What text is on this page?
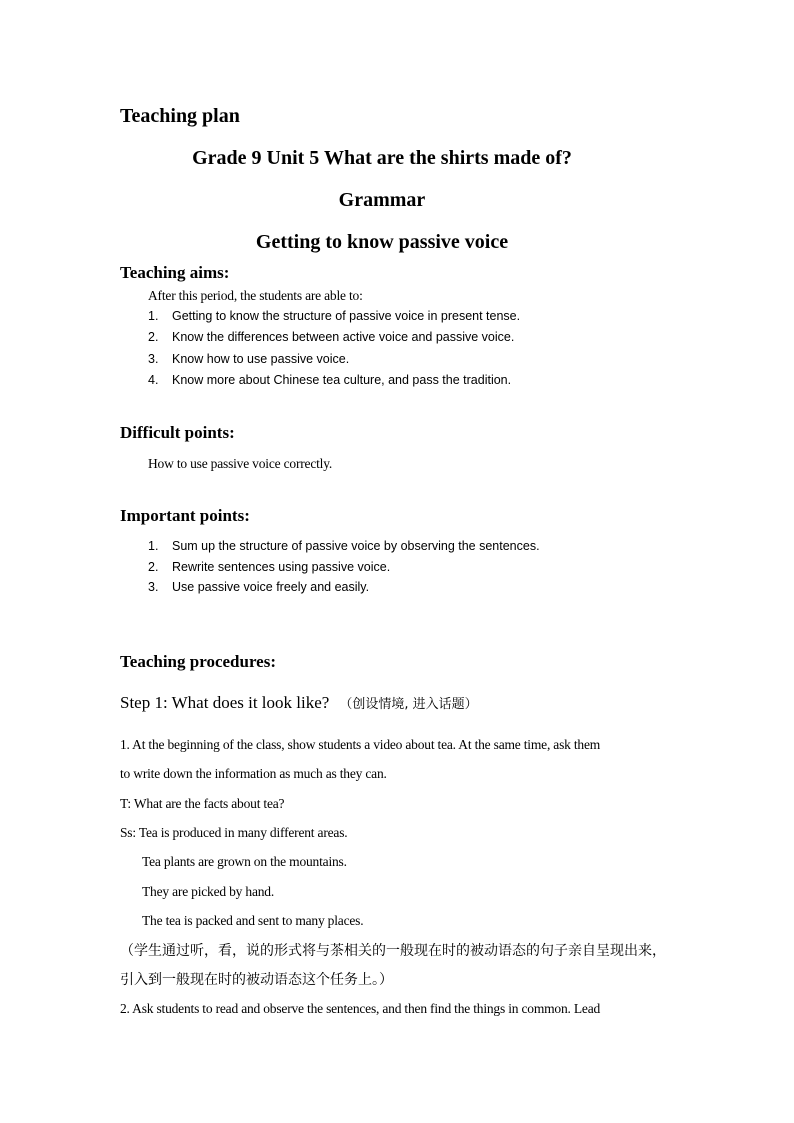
Teaching plan
Grade 9 Unit 5 What are the shirts made of?
Grammar
Getting to know passive voice
Teaching aims:
After this period, the students are able to:
1. Getting to know the structure of passive voice in present tense.
2. Know the differences between active voice and passive voice.
3. Know how to use passive voice.
4. Know more about Chinese tea culture, and pass the tradition.
Difficult points:
How to use passive voice correctly.
Important points:
1. Sum up the structure of passive voice by observing the sentences.
2. Rewrite sentences using passive voice.
3. Use passive voice freely and easily.
Teaching procedures:
Step 1: What does it look like? （创设情境, 进入话题）
1. At the beginning of the class, show students a video about tea. At the same time, ask them
to write down the information as much as they can.
T: What are the facts about tea?
Ss: Tea is produced in many different areas.
Tea plants are grown on the mountains.
They are picked by hand.
The tea is packed and sent to many places.
（学生通过听，看，说的形式将与茶相关的一般现在时的被动语态的句子亲自呈现出来，
引入到一般现在时的被动语态这个任务上。）
2. Ask students to read and observe the sentences, and then find the things in common. Lead
